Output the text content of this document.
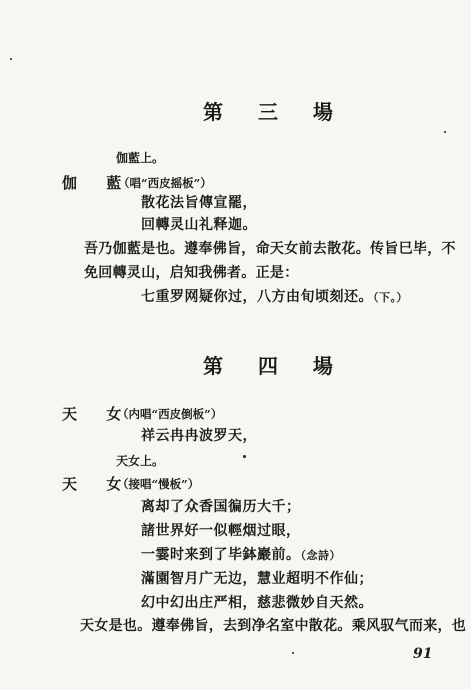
第 三 場
伽藍上。
伽 藍
（唱“西皮摇板”）
散花法旨傳宣罷，
回轉灵山礼释迦。
吾乃伽藍是也。遵奉佛旨，命天女前去散花。传旨巳毕，不
免回轉灵山，启知我佛者。正是：
七重罗网疑你过，八方由旬顷刻还。（下。）
第 四 場
天 女
（内唱“西皮倒板”）
祥云冉冉波罗天，
天女上。
天 女
（接唱“慢板”）
离却了众香国徧历大千；
諸世界好一似輕烟过眼，
一霎时来到了毕鉢巖前。（念詩）
滿園智月广无边，慧业超明不作仙；
幻中幻出庄严相，慈悲微妙自天然。
天女是也。遵奉佛旨，去到净名室中散花。乘风驭气而来，也
91
